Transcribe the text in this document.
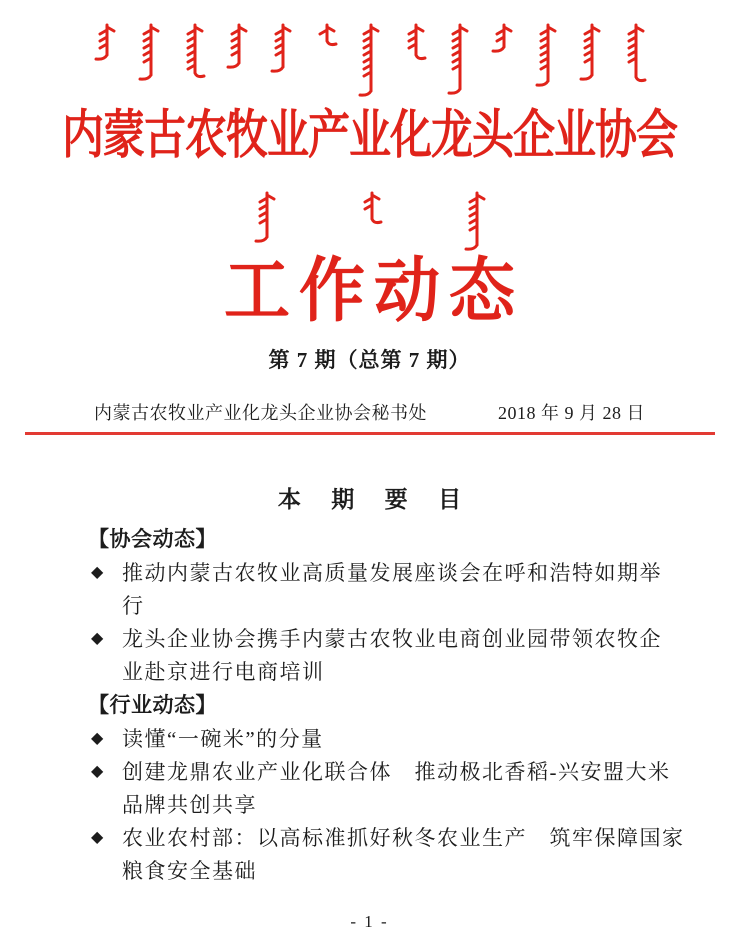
内蒙古农牧业产业化龙头企业协会
工作动态
第 7 期（总第 7 期）
内蒙古农牧业产业化龙头企业协会秘书处	2018 年 9 月 28 日
本 期 要 目
【协会动态】
◆ 推动内蒙古农牧业高质量发展座谈会在呼和浩特如期举
行
◆ 龙头企业协会携手内蒙古农牧业电商创业园带领农牧企
业赴京进行电商培训
【行业动态】
◆ 读懂“一碗米”的分量
◆ 创建龙鼎农业产业化联合体　推动极北香稻-兴安盟大米
品牌共创共享
◆ 农业农村部：以高标准抓好秋冬农业生产　筑牢保障国家
粮食安全基础
- 1 -
